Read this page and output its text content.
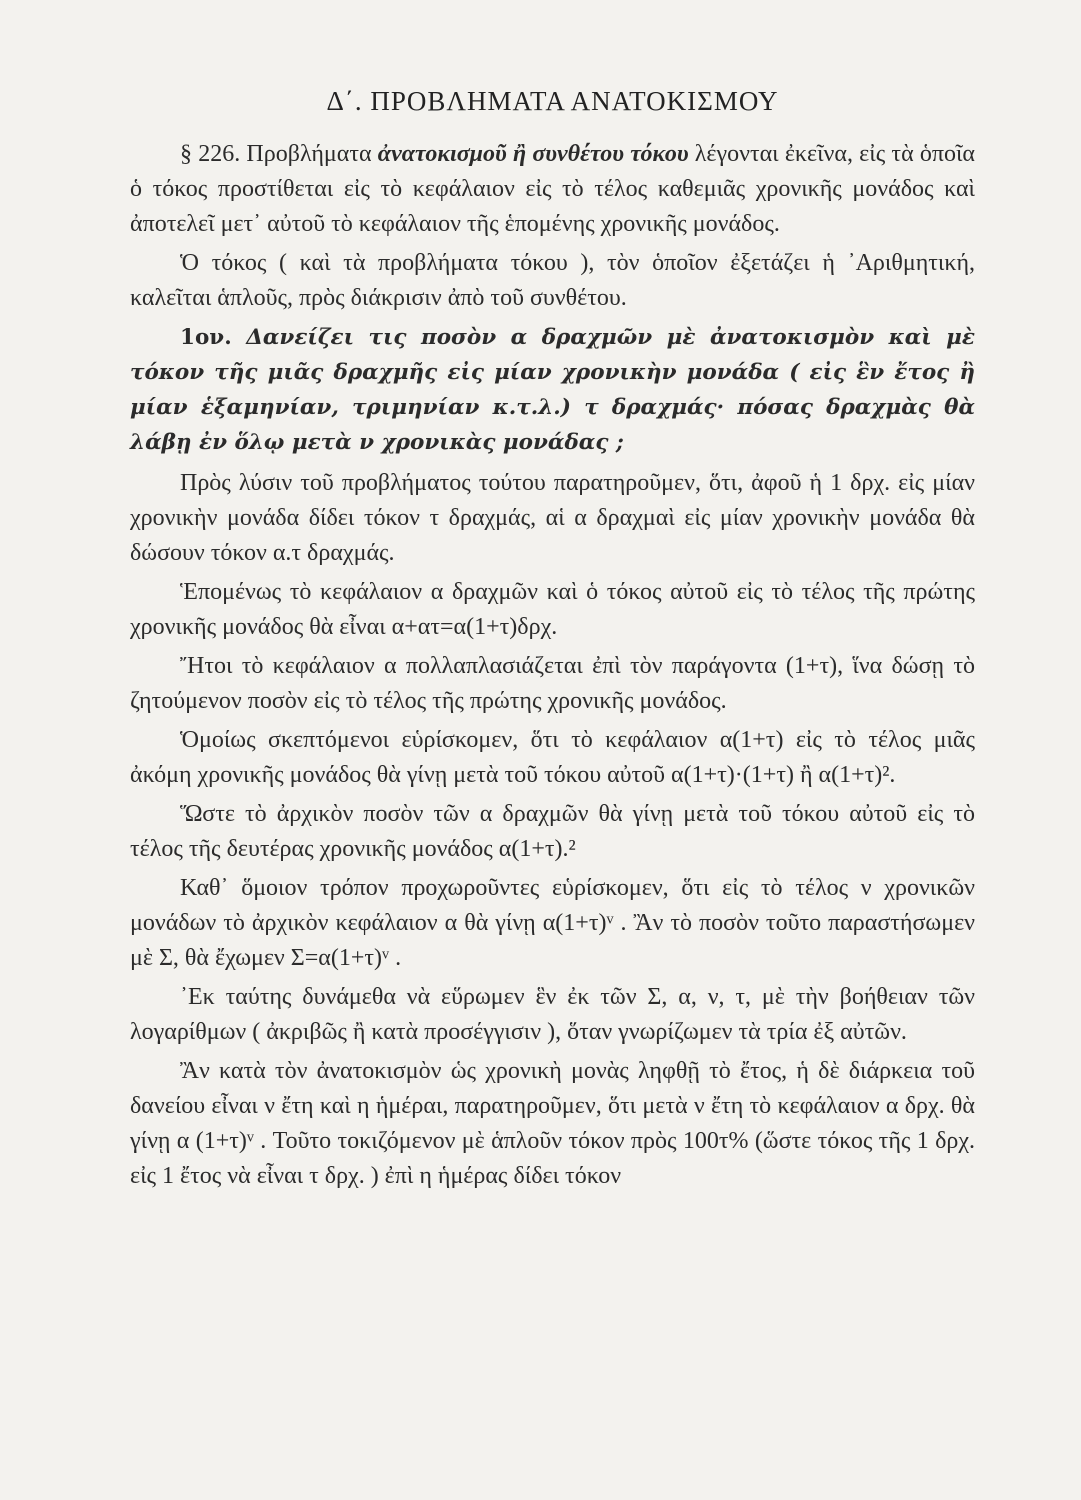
Δ΄. ΠΡΟΒΛΗΜΑΤΑ ΑΝΑΤΟΚΙΣΜΟΥ

§ 226. Προβλήματα ἀνατοκισμοῦ ἢ συνθέτου τόκου λέγονται ἐκεῖνα, εἰς τὰ ὁποῖα ὁ τόκος προστίθεται εἰς τὸ κεφάλαιον εἰς τὸ τέλος καθεμιᾶς χρονικῆς μονάδος καὶ ἀποτελεῖ μετ᾽ αὐτοῦ τὸ κεφάλαιον τῆς ἑπομένης χρονικῆς μονάδος.

Ὁ τόκος ( καὶ τὰ προβλήματα τόκου ), τὸν ὁποῖον ἐξετάζει ἡ ᾿Αριθμητική, καλεῖται ἁπλοῦς, πρὸς διάκρισιν ἀπὸ τοῦ συνθέτου.

1ον. Δανείζει τις ποσὸν α δραχμῶν μὲ ἀνατοκισμὸν καὶ μὲ τόκον τῆς μιᾶς δραχμῆς εἰς μίαν χρονικὴν μονάδα ( εἰς ἓν ἔτος ἢ μίαν ἑξαμηνίαν, τριμηνίαν κ.τ.λ.) τ δραχμάς· πόσας δραχμὰς θὰ λάβῃ ἐν ὅλῳ μετὰ ν χρονικὰς μονάδας ;

Πρὸς λύσιν τοῦ προβλήματος τούτου παρατηροῦμεν, ὅτι, ἀφοῦ ἡ 1 δρχ. εἰς μίαν χρονικὴν μονάδα δίδει τόκον τ δραχμάς, αἱ α δραχμαὶ εἰς μίαν χρονικὴν μονάδα θὰ δώσουν τόκον α.τ δραχμάς.

Ἑπομένως τὸ κεφάλαιον α δραχμῶν καὶ ὁ τόκος αὐτοῦ εἰς τὸ τέλος τῆς πρώτης χρονικῆς μονάδος θὰ εἶναι α+ατ=α(1+τ)δρχ.

Ἤτοι τὸ κεφάλαιον α πολλαπλασιάζεται ἐπὶ τὸν παράγοντα (1+τ), ἵνα δώσῃ τὸ ζητούμενον ποσὸν εἰς τὸ τέλος τῆς πρώτης χρονικῆς μονάδος.

Ὁμοίως σκεπτόμενοι εὑρίσκομεν, ὅτι τὸ κεφάλαιον α(1+τ) εἰς τὸ τέλος μιᾶς ἀκόμη χρονικῆς μονάδος θὰ γίνῃ μετὰ τοῦ τόκου αὐτοῦ α(1+τ)·(1+τ) ἢ α(1+τ)².

Ὥστε τὸ ἀρχικὸν ποσὸν τῶν α δραχμῶν θὰ γίνῃ μετὰ τοῦ τόκου αὐτοῦ εἰς τὸ τέλος τῆς δευτέρας χρονικῆς μονάδος α(1+τ).²

Καθ᾽ ὅμοιον τρόπον προχωροῦντες εὑρίσκομεν, ὅτι εἰς τὸ τέλος ν χρονικῶν μονάδων τὸ ἀρχικὸν κεφάλαιον α θὰ γίνῃ α(1+τ)ᵛ . Ἂν τὸ ποσὸν τοῦτο παραστήσωμεν μὲ Σ, θὰ ἔχωμεν Σ=α(1+τ)ᵛ .

᾿Εκ ταύτης δυνάμεθα νὰ εὕρωμεν ἓν ἐκ τῶν Σ, α, ν, τ, μὲ τὴν βοήθειαν τῶν λογαρίθμων ( ἀκριβῶς ἢ κατὰ προσέγγισιν ), ὅταν γνωρίζωμεν τὰ τρία ἐξ αὐτῶν.

Ἂν κατὰ τὸν ἀνατοκισμὸν ὡς χρονικὴ μονὰς ληφθῇ τὸ ἔτος, ἡ δὲ διάρκεια τοῦ δανείου εἶναι ν ἔτη καὶ η ἡμέραι, παρατηροῦμεν, ὅτι μετὰ ν ἔτη τὸ κεφάλαιον α δρχ. θὰ γίνῃ α (1+τ)ᵛ . Τοῦτο τοκιζόμενον μὲ ἁπλοῦν τόκον πρὸς 100τ% (ὥστε τόκος τῆς 1 δρχ. εἰς 1 ἔτος νὰ εἶναι τ δρχ. ) ἐπὶ η ἡμέρας δίδει τόκον
